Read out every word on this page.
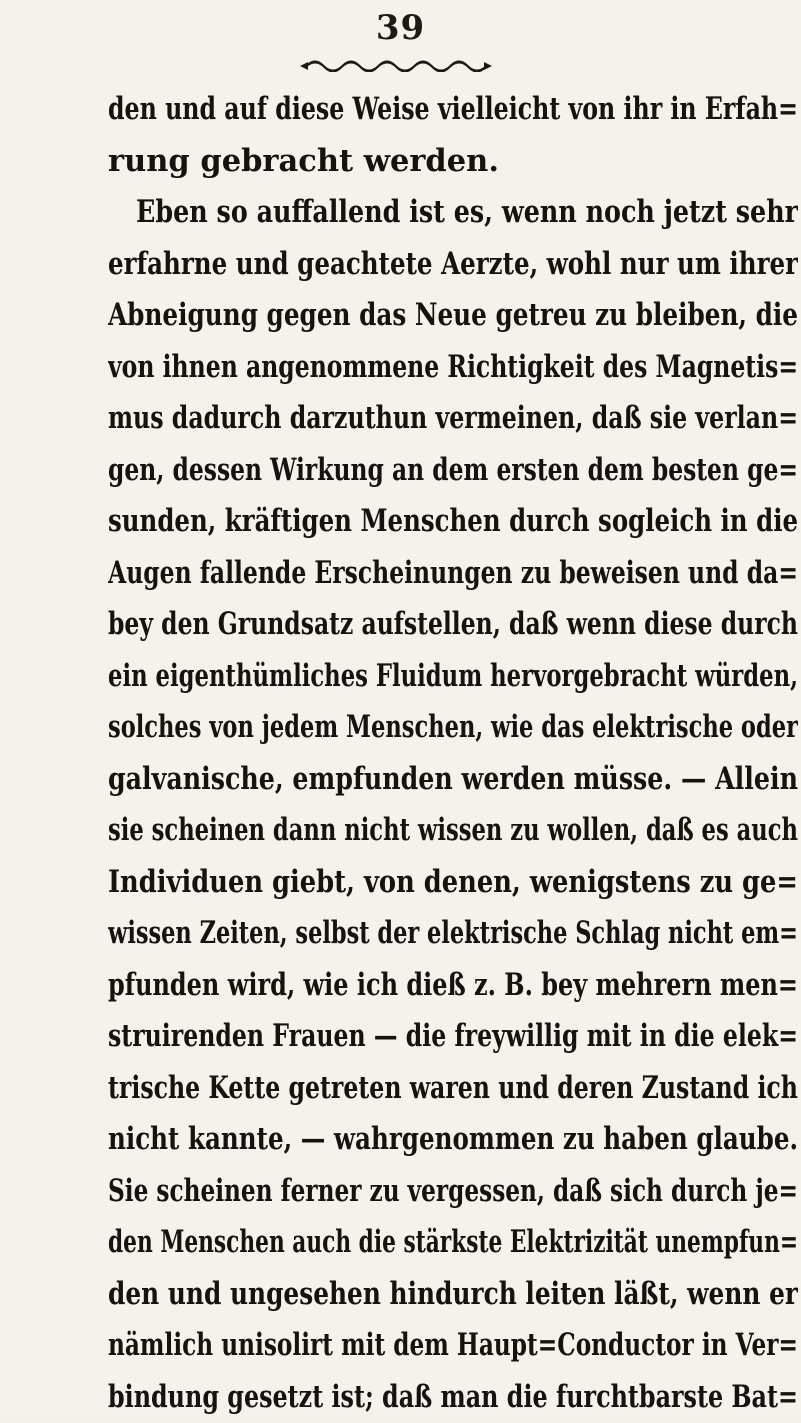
39
den und auf diese Weise vielleicht von ihr in Erfah=
rung gebracht werden.
Eben so auffallend ist es, wenn noch jetzt sehr
erfahrne und geachtete Aerzte, wohl nur um ihrer
Abneigung gegen das Neue getreu zu bleiben, die
von ihnen angenommene Richtigkeit des Magnetis=
mus dadurch darzuthun vermeinen, daß sie verlan=
gen, dessen Wirkung an dem ersten dem besten ge=
sunden, kräftigen Menschen durch sogleich in die
Augen fallende Erscheinungen zu beweisen und da=
bey den Grundsatz aufstellen, daß wenn diese durch
ein eigenthümliches Fluidum hervorgebracht würden,
solches von jedem Menschen, wie das elektrische oder
galvanische, empfunden werden müsse. — Allein
sie scheinen dann nicht wissen zu wollen, daß es auch
Individuen giebt, von denen, wenigstens zu ge=
wissen Zeiten, selbst der elektrische Schlag nicht em=
pfunden wird, wie ich dieß z. B. bey mehrern men=
struirenden Frauen — die freywillig mit in die elek=
trische Kette getreten waren und deren Zustand ich
nicht kannte, — wahrgenommen zu haben glaube.
Sie scheinen ferner zu vergessen, daß sich durch je=
den Menschen auch die stärkste Elektrizität unempfun=
den und ungesehen hindurch leiten läßt, wenn er
nämlich unisolirt mit dem Haupt=Conductor in Ver=
bindung gesetzt ist; daß man die furchtbarste Bat=
